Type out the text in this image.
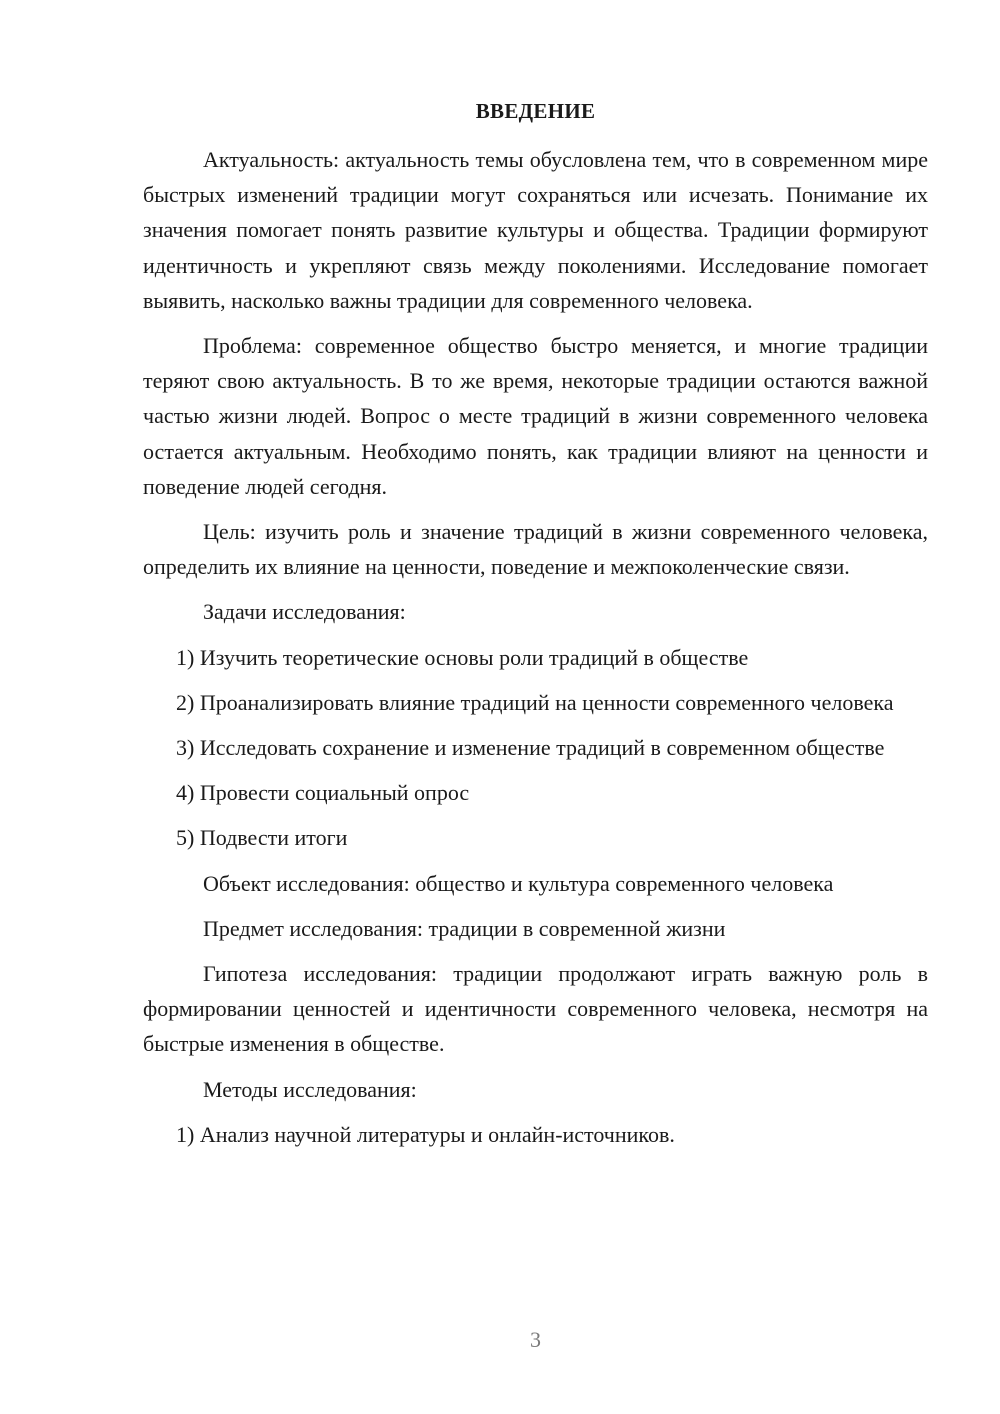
ВВЕДЕНИЕ

Актуальность: актуальность темы обусловлена тем, что в современном мире быстрых изменений традиции могут сохраняться или исчезать. Понимание их значения помогает понять развитие культуры и общества. Традиции формируют идентичность и укрепляют связь между поколениями. Исследование помогает выявить, насколько важны традиции для современного человека.

Проблема: современное общество быстро меняется, и многие традиции теряют свою актуальность. В то же время, некоторые традиции остаются важной частью жизни людей. Вопрос о месте традиций в жизни современного человека остается актуальным. Необходимо понять, как традиции влияют на ценности и поведение людей сегодня.

Цель: изучить роль и значение традиций в жизни современного человека, определить их влияние на ценности, поведение и межпоколенческие связи.

Задачи исследования:

1) Изучить теоретические основы роли традиций в обществе

2) Проанализировать влияние традиций на ценности современного человека

3) Исследовать сохранение и изменение традиций в современном обществе

4) Провести социальный опрос

5) Подвести итоги

Объект исследования: общество и культура современного человека

Предмет исследования: традиции в современной жизни

Гипотеза исследования: традиции продолжают играть важную роль в формировании ценностей и идентичности современного человека, несмотря на быстрые изменения в обществе.

Методы исследования:

1) Анализ научной литературы и онлайн-источников.

3
